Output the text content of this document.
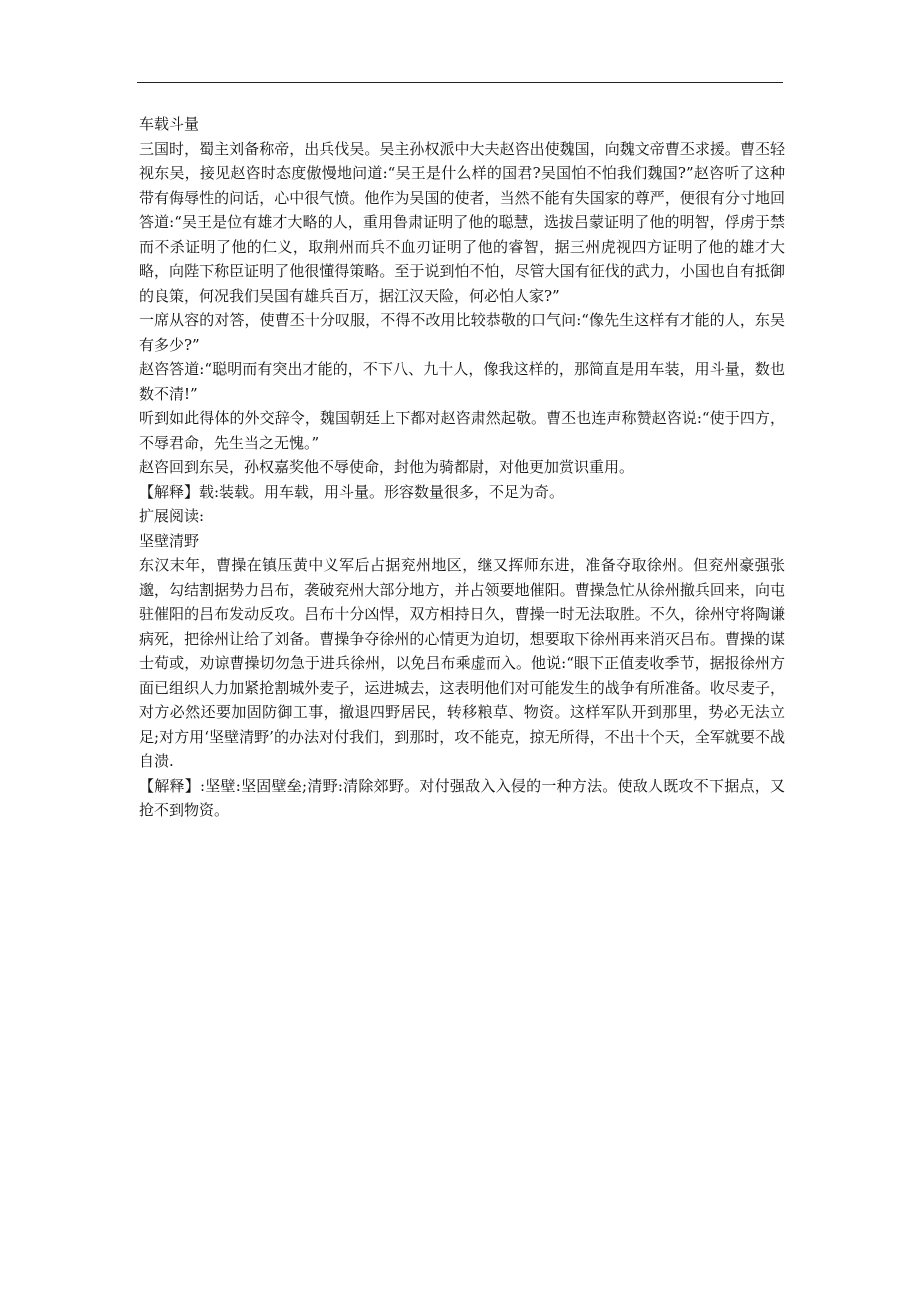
车载斗量

三国时，蜀主刘备称帝，出兵伐吴。吴主孙权派中大夫赵咨出使魏国，向魏文帝曹丕求援。曹丕轻视东吴，接见赵咨时态度傲慢地问道:“吴王是什么样的国君?吴国怕不怕我们魏国?”赵咨听了这种带有侮辱性的问话，心中很气愤。他作为吴国的使者，当然不能有失国家的尊严，便很有分寸地回答道:“吴王是位有雄才大略的人，重用鲁肃证明了他的聪慧，选拔吕蒙证明了他的明智，俘虏于禁而不杀证明了他的仁义，取荆州而兵不血刃证明了他的睿智，据三州虎视四方证明了他的雄才大略，向陛下称臣证明了他很懂得策略。至于说到怕不怕，尽管大国有征伐的武力，小国也自有抵御的良策，何况我们吴国有雄兵百万，据江汉天险，何必怕人家?”

一席从容的对答，使曹丕十分叹服，不得不改用比较恭敬的口气问:“像先生这样有才能的人，东吴有多少?”

赵咨答道:“聪明而有突出才能的，不下八、九十人，像我这样的，那简直是用车装，用斗量，数也数不清!”

听到如此得体的外交辞令，魏国朝廷上下都对赵咨肃然起敬。曹丕也连声称赞赵咨说:“使于四方，不辱君命，先生当之无愧。”

赵咨回到东吴，孙权嘉奖他不辱使命，封他为骑都尉，对他更加赏识重用。

【解释】载:装载。用车载，用斗量。形容数量很多，不足为奇。

扩展阅读:

坚壁清野

东汉末年，曹操在镇压黄中义军后占据兖州地区，继又挥师东进，准备夺取徐州。但兖州豪强张邈，勾结割据势力吕布，袭破兖州大部分地方，并占领要地催阳。曹操急忙从徐州撤兵回来，向屯驻催阳的吕布发动反攻。吕布十分凶悍，双方相持日久，曹操一时无法取胜。不久，徐州守将陶谦病死，把徐州让给了刘备。曹操争夺徐州的心情更为迫切，想要取下徐州再来消灭吕布。曹操的谋士荀或，劝谅曹操切勿急于进兵徐州，以免吕布乘虚而入。他说:“眼下正值麦收季节，据报徐州方面已组织人力加紧抢割城外麦子，运进城去，这表明他们对可能发生的战争有所准备。收尽麦子，对方必然还要加固防御工事，撤退四野居民，转移粮草、物资。这样军队开到那里，势必无法立足;对方用‘坚壁清野’的办法对付我们，到那时，攻不能克，掠无所得，不出十个天，全军就要不战自溃.

【解释】:坚壁:坚固壁垒;清野:清除郊野。对付强敌入入侵的一种方法。使敌人既攻不下据点，又抢不到物资。
